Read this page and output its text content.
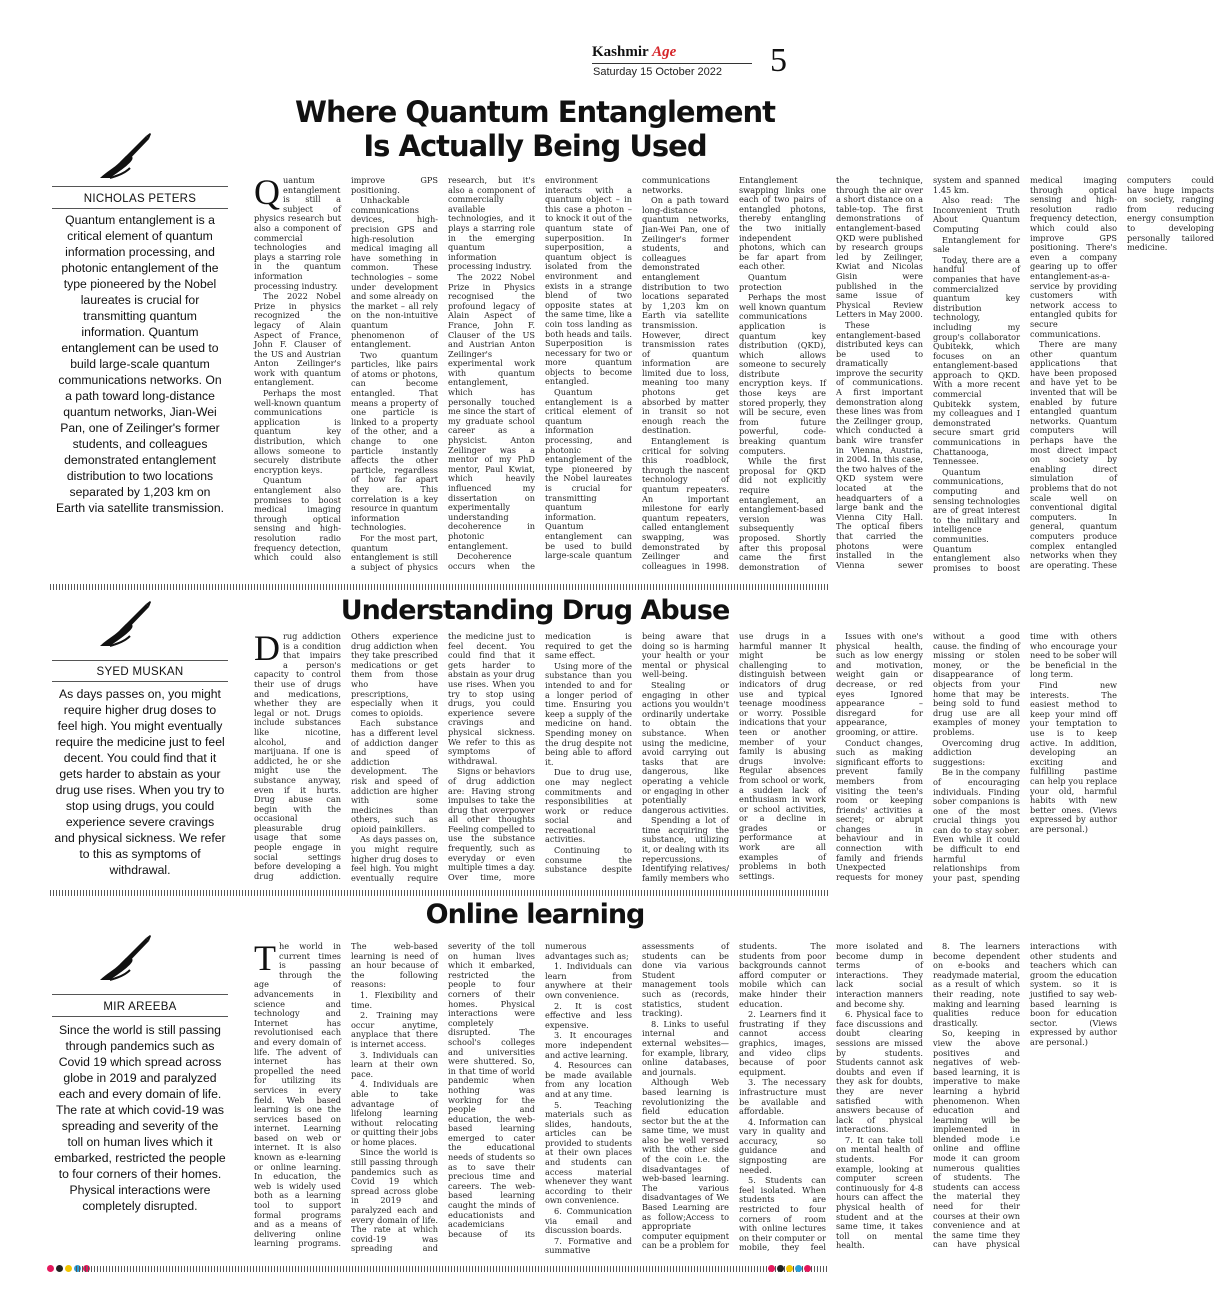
Kashmir Age
Saturday 15 October 2022 5
Where Quantum Entanglement
Is Actually Being Used
NICHOLAS PETERS
Quantum entanglement is a critical element of quantum information processing, and photonic entanglement of the type pioneered by the Nobel laureates is crucial for transmitting quantum information. Quantum entanglement can be used to build large-scale quantum communications networks. On a path toward long-distance quantum networks, Jian-Wei Pan, one of Zeilinger's former students, and colleagues demonstrated entanglement distribution to two locations separated by 1,203 km on Earth via satellite transmission.

Quantum entanglement is still a subject of physics research but also a component of commercial technologies and plays a starring role in the quantum information processing industry.

The 2022 Nobel Prize in physics recognized the legacy of Alain Aspect of France, John F. Clauser of the US and Austrian Anton Zeilinger's work with quantum entanglement.

Perhaps the most well-known quantum communications application is quantum key distribution, which allows someone to securely distribute encryption keys.

Quantum entanglement also promises to boost medical imaging through optical sensing and high-resolution radio frequency detection, which could also improve GPS positioning.

Unhackable communications devices, high-precision GPS and high-resolution medical imaging all have something in common. These technologies – some under development and some already on the market – all rely on the non-intuitive quantum phenomenon of entanglement.

Two quantum particles, like pairs of atoms or photons, can become entangled. That means a property of one particle is linked to a property of the other, and a change to one particle instantly affects the other particle, regardless of how far apart they are. This correlation is a key resource in quantum information technologies.

For the most part, quantum entanglement is still a subject of physics research, but it's also a component of commercially available technologies, and it plays a starring role in the emerging quantum information processing industry.

The 2022 Nobel Prize in Physics recognised the profound legacy of Alain Aspect of France, John F. Clauser of the US and Austrian Anton Zeilinger's experimental work with quantum entanglement, which has personally touched me since the start of my graduate school career as a physicist. Anton Zeilinger was a mentor of my PhD mentor, Paul Kwiat, which heavily influenced my dissertation on experimentally understanding decoherence in photonic entanglement.

Decoherence occurs when the environment interacts with a quantum object – in this case a photon – to knock it out of the quantum state of superposition. In superposition, a quantum object is isolated from the environment and exists in a strange blend of two opposite states at the same time, like a coin toss landing as both heads and tails. Superposition is necessary for two or more quantum objects to become entangled.

Quantum entanglement is a critical element of quantum information processing, and photonic entanglement of the type pioneered by the Nobel laureates is crucial for transmitting quantum information. Quantum entanglement can be used to build large-scale quantum communications networks.

On a path toward long-distance quantum networks, Jian-Wei Pan, one of Zeilinger's former students, and colleagues demonstrated entanglement distribution to two locations separated by 1,203 km on Earth via satellite transmission. However, direct transmission rates of quantum information are limited due to loss, meaning too many photons get absorbed by matter in transit so not enough reach the destination.

Entanglement is critical for solving this roadblock, through the nascent technology of quantum repeaters. An important milestone for early quantum repeaters, called entanglement swapping, was demonstrated by Zeilinger and colleagues in 1998. Entanglement swapping links one each of two pairs of entangled photons, thereby entangling the two initially independent photons, which can be far apart from each other.

Quantum protection

Perhaps the most well known quantum communications application is quantum key distribution (QKD), which allows someone to securely distribute encryption keys. If those keys are stored properly, they will be secure, even from future powerful, code-breaking quantum computers.

While the first proposal for QKD did not explicitly require entanglement, an entanglement-based version was subsequently proposed. Shortly after this proposal came the first demonstration of the technique, through the air over a short distance on a table-top. The first demonstrations of entanglement-based QKD were published by research groups led by Zeilinger, Kwiat and Nicolas Gisin were published in the same issue of Physical Review Letters in May 2000.

These entanglement-based distributed keys can be used to dramatically improve the security of communications. A first important demonstration along these lines was from the Zeilinger group, which conducted a bank wire transfer in Vienna, Austria, in 2004. In this case, the two halves of the QKD system were located at the headquarters of a large bank and the Vienna City Hall. The optical fibers that carried the photons were installed in the Vienna sewer system and spanned 1.45 km.

Also read: The Inconvenient Truth About Quantum Computing

Entanglement for sale

Today, there are a handful of companies that have commercialized quantum key distribution technology, including my group's collaborator Qubitekk, which focuses on an entanglement-based approach to QKD. With a more recent commercial Qubitekk system, my colleagues and I demonstrated secure smart grid communications in Chattanooga, Tennessee.

Quantum communications, computing and sensing technologies are of great interest to the military and intelligence communities. Quantum entanglement also promises to boost medical imaging through optical sensing and high-resolution radio frequency detection, which could also improve GPS positioning. There's even a company gearing up to offer entanglement-as-a-service by providing customers with network access to entangled qubits for secure communications.

There are many other quantum applications that have been proposed and have yet to be invented that will be enabled by future entangled quantum networks. Quantum computers will perhaps have the most direct impact on society by enabling direct simulation of problems that do not scale well on conventional digital computers. In general, quantum computers produce complex entangled networks when they are operating. These computers could have huge impacts on society, ranging from reducing energy consumption to developing personally tailored medicine.

Understanding Drug Abuse
SYED MUSKAN
As days passes on, you might require higher drug doses to feel high. You might eventually require the medicine just to feel decent. You could find that it gets harder to abstain as your drug use rises. When you try to stop using drugs, you could experience severe cravings and physical sickness. We refer to this as symptoms of withdrawal.

Drug addiction is a condition that impairs a person's capacity to control their use of drugs and medications, whether they are legal or not. Drugs include substances like nicotine, alcohol, and marijuana. If one is addicted, he or she might use the substance anyway, even if it hurts. Drug abuse can begin with the occasional pleasurable drug usage that some people engage in social settings before developing a drug addiction. Others experience drug addiction when they take prescribed medications or get them from those who have prescriptions, especially when it comes to opioids.

Each substance has a different level of addiction danger and speed of addiction development. The risk and speed of addiction are higher with some medicines than others, such as opioid painkillers.

As days passes on, you might require higher drug doses to feel high. You might eventually require the medicine just to feel decent. You could find that it gets harder to abstain as your drug use rises. When you try to stop using drugs, you could experience severe cravings and physical sickness. We refer to this as symptoms of withdrawal.

Signs or behaviors of drug addiction are: Having strong impulses to take the drug that overpower all other thoughts Feeling compelled to use the substance frequently, such as everyday or even multiple times a day. Over time, more medication is required to get the same effect.

Using more of the substance than you intended to and for a longer period of time. Ensuring you keep a supply of the medicine on hand. Spending money on the drug despite not being able to afford it.

Due to drug use, one may neglect commitments and responsibilities at work or reduce social and recreational activities.

Continuing to consume the substance despite being aware that doing so is harming your health or your mental or physical well-being.

Stealing or engaging in other actions you wouldn't ordinarily undertake to obtain the substance. When using the medicine, avoid carrying out tasks that are dangerous, like operating a vehicle or engaging in other potentially dangerous activities.

Spending a lot of time acquiring the substance, utilizing it, or dealing with its repercussions. Identifying relatives/ family members who use drugs in a harmful manner It might be challenging to distinguish between indicators of drug use and typical teenage moodiness or worry. Possible indications that your teen or another member of your family is abusing drugs involve: Regular absences from school or work, a sudden lack of enthusiasm in work or school activities, or a decline in grades or performance at work are all examples of problems in both settings.

Issues with one's physical health, such as low energy and motivation, weight gain or decrease, or red eyes Ignored appearance – disregard for appearance, grooming, or attire.

Conduct changes, such as making significant efforts to prevent family members from visiting the teen's room or keeping friends' activities a secret; or abrupt changes in behaviour and in connection with family and friends Unexpected requests for money without a good cause. the finding of missing or stolen money, or the disappearance of objects from your home that may be being sold to fund drug use are all examples of money problems.

Overcoming drug addiction suggestions:

Be in the company of encouraging individuals. Finding sober companions is one of the most crucial things you can do to stay sober. Even while it could be difficult to end harmful relationships from your past, spending time with others who encourage your need to be sober will be beneficial in the long term.

Find new interests. The easiest method to keep your mind off your temptation to use is to keep active. In addition, developing an exciting and fulfilling pastime can help you replace your old, harmful habits with new better ones. (Views expressed by author are personal.)

Online learning
MIR AREEBA
Since the world is still passing through pandemics such as Covid 19 which spread across globe in 2019 and paralyzed each and every domain of life. The rate at which covid-19 was spreading and severity of the toll on human lives which it embarked, restricted the people to four corners of their homes. Physical interactions were completely disrupted.

The world in current times is passing through the age of advancements in science and technology and Internet has revolutionised each and every domain of life. The advent of internet has propelled the need for utilizing its services in every field. Web based learning is one the services based on internet. Learning based on web or internet. It is also known as e-learning or online learning. In education, the web is widely used both as a learning tool to support formal programs and as a means of delivering online learning programs. The web-based learning is need of an hour because of the following reasons:

1. Flexibility and time.

2. Training may occur anytime, anyplace that there is internet access.

3. Individuals can learn at their own pace.

4. Individuals are able to take advantage of lifelong learning without relocating or quitting their jobs or home places.

Since the world is still passing through pandemics such as Covid 19 which spread across globe in 2019 and paralyzed each and every domain of life. The rate at which covid-19 was spreading and severity of the toll on human lives which it embarked, restricted the people to four corners of their homes. Physical interactions were completely disrupted. The school's colleges and universities were shuttered. So, in that time of world pandemic when nothing was working for the people and education, the web-based learning emerged to cater the educational needs of students so as to save their precious time and careers. The web-based learning caught the minds of educationists and academicians because of its numerous advantages such as;

1. Individuals can learn from anywhere at their own convenience.

2. It is cost effective and less expensive.

3. It encourages more independent and active learning.

4. Resources can be made available from any location and at any time.

5. Teaching materials such as slides, handouts, articles can be provided to students at their own places and students can access material whenever they want according to their own convenience.

6. Communication via email and discussion boards.

7. Formative and summative assessments of students can be done via various Student management tools such as (records, statistics, student tracking).

8. Links to useful internal and external websites—for example, library, online databases, and journals.

Although Web based learning is revolutionizing the field education sector but the at the same time, we must also be well versed with the other side of the coin i.e. the disadvantages of web-based learning. The various disadvantages of We Based Learning are as follow;Access to appropriate computer equipment can be a problem for students. The students from poor backgrounds cannot afford computer or mobile which can make hinder their education.

2. Learners find it frustrating if they cannot access graphics, images, and video clips because of poor equipment.

3. The necessary infrastructure must be available and affordable.

4. Information can vary in quality and accuracy, so guidance and signposting are needed.

5. Students can feel isolated. When students are restricted to four corners of room with online lectures on their computer or mobile, they feel more isolated and become dump in terms of interactions. They lack social interaction manners and become shy.

6. Physical face to face discussions and doubt clearing sessions are missed by students. Students cannot ask doubts and even if they ask for doubts, they are never satisfied with answers because of lack of physical interactions.

7. It can take toll on mental health of students. For example, looking at computer screen continuously for 4-8 hours can affect the physical health of student and at the same time, it takes toll on mental health.

8. The learners become dependent on e-books and readymade material, as a result of which their reading, note making and learning qualities reduce drastically.

So, keeping in view the above positives and negatives of web-based learning, it is imperative to make learning a hybrid phenomenon. When education and learning will be implemented in blended mode i.e online and offline mode it can groom numerous qualities of students. The students can access the material they need for their courses at their own convenience and at the same time they can have physical interactions with other students and teachers which can groom the education system. so it is justified to say web-based learning is boon for education sector. (Views expressed by author are personal.)
